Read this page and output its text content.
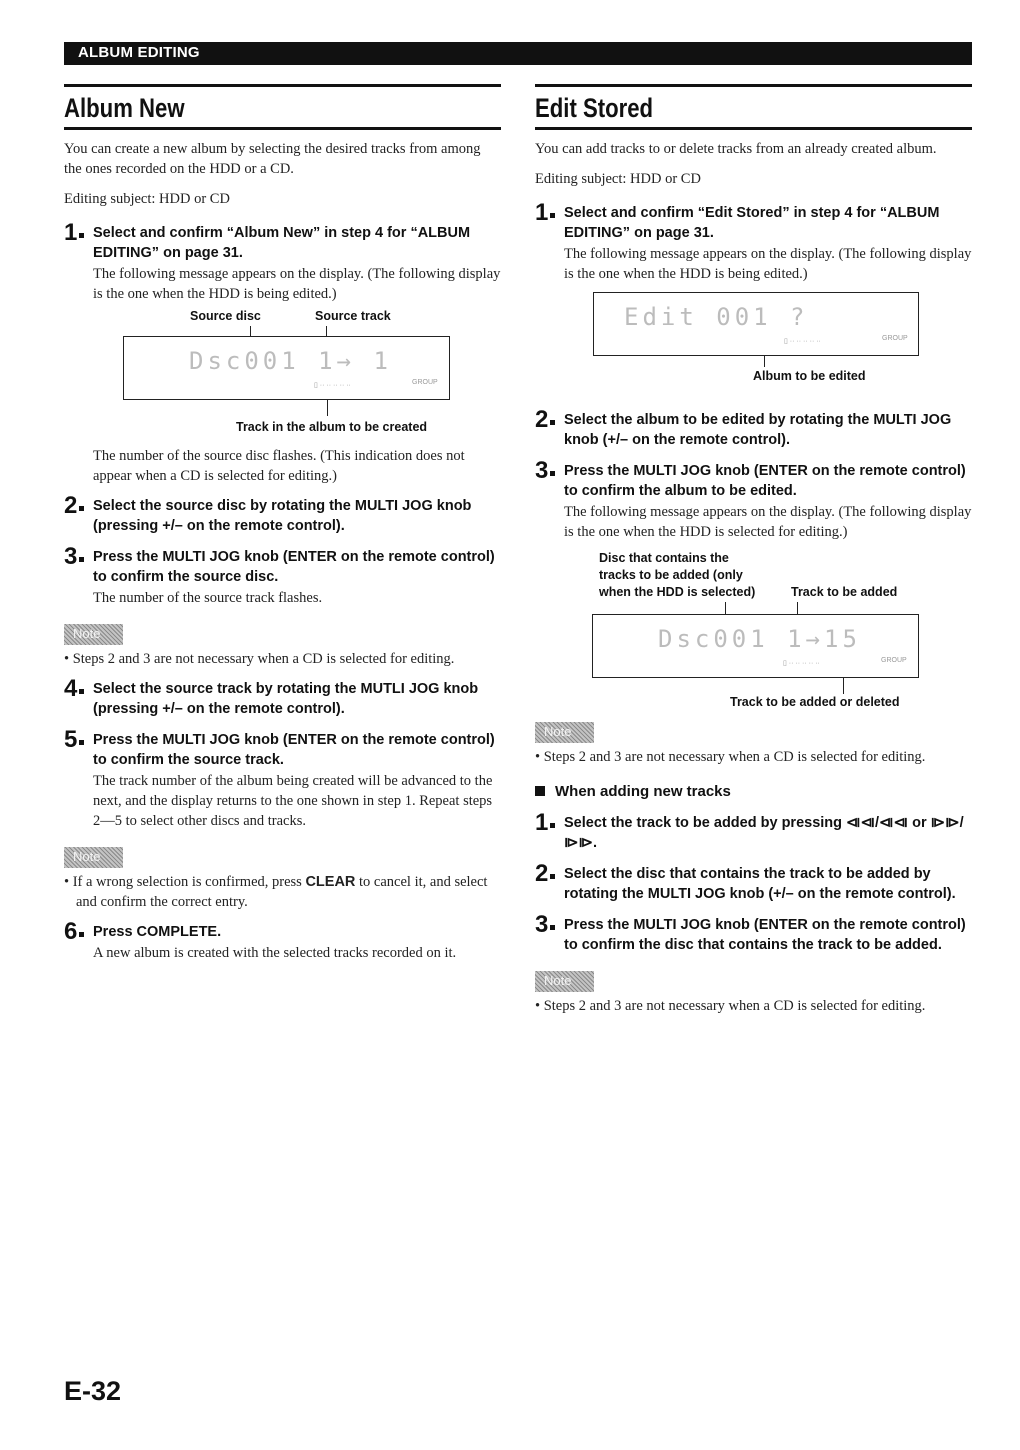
ALBUM EDITING
Album New

You can create a new album by selecting the desired tracks from among the ones recorded on the HDD or a CD.

Editing subject: HDD or CD

1	Select and confirm “Album New” in step 4 for “ALBUM EDITING” on page 31.
The following message appears on the display. (The following display is the one when the HDD is being edited.)
Source disc	Source track
Dsc001 1→ 1
▯ ·· ·· ·· ·· ··	GROUP
Track in the album to be created

The number of the source disc flashes. (This indication does not appear when a CD is selected for editing.)

2	Select the source disc by rotating the MULTI JOG knob (pressing +/– on the remote control).
3	Press the MULTI JOG knob (ENTER on the remote control) to confirm the source disc.
The number of the source track flashes.
Note

• Steps 2 and 3 are not necessary when a CD is selected for editing.

4	Select the source track by rotating the MUTLI JOG knob (pressing +/– on the remote control).
5	Press the MULTI JOG knob (ENTER on the remote control) to confirm the source track.
The track number of the album being created will be advanced to the next, and the display returns to the one shown in step 1. Repeat steps 2—5 to select other discs and tracks.
Note

• If a wrong selection is confirmed, press CLEAR to cancel it, and select and confirm the correct entry.

6	Press COMPLETE.
A new album is created with the selected tracks recorded on it.
Edit Stored

You can add tracks to or delete tracks from an already created album.

Editing subject: HDD or CD

1	Select and confirm “Edit Stored” in step 4 for “ALBUM EDITING” on page 31.
The following message appears on the display. (The following display is the one when the HDD is being edited.)
Edit 001 ?
▯ ·· ·· ·· ·· ··	GROUP
Album to be edited
2	Select the album to be edited by rotating the MULTI JOG knob (+/– on the remote control).
3	Press the MULTI JOG knob (ENTER on the remote control) to confirm the album to be edited.
The following message appears on the display. (The following display is the one when the HDD is selected for editing.)
Disc that contains the
tracks to be added (only
when the HDD is selected)	Track to be added
Dsc001 1→15
▯ ·· ·· ·· ·· ··	GROUP
Track to be added or deleted
Note

• Steps 2 and 3 are not necessary when a CD is selected for editing.

When adding new tracks
1	Select the track to be added by pressing ⧏⧏/⧏⧏ or ⧐⧐/⧐⧐.
2	Select the disc that contains the track to be added by rotating the MULTI JOG knob (+/– on the remote control).
3	Press the MULTI JOG knob (ENTER on the remote control) to confirm the disc that contains the track to be added.
Note

• Steps 2 and 3 are not necessary when a CD is selected for editing.

E-32
